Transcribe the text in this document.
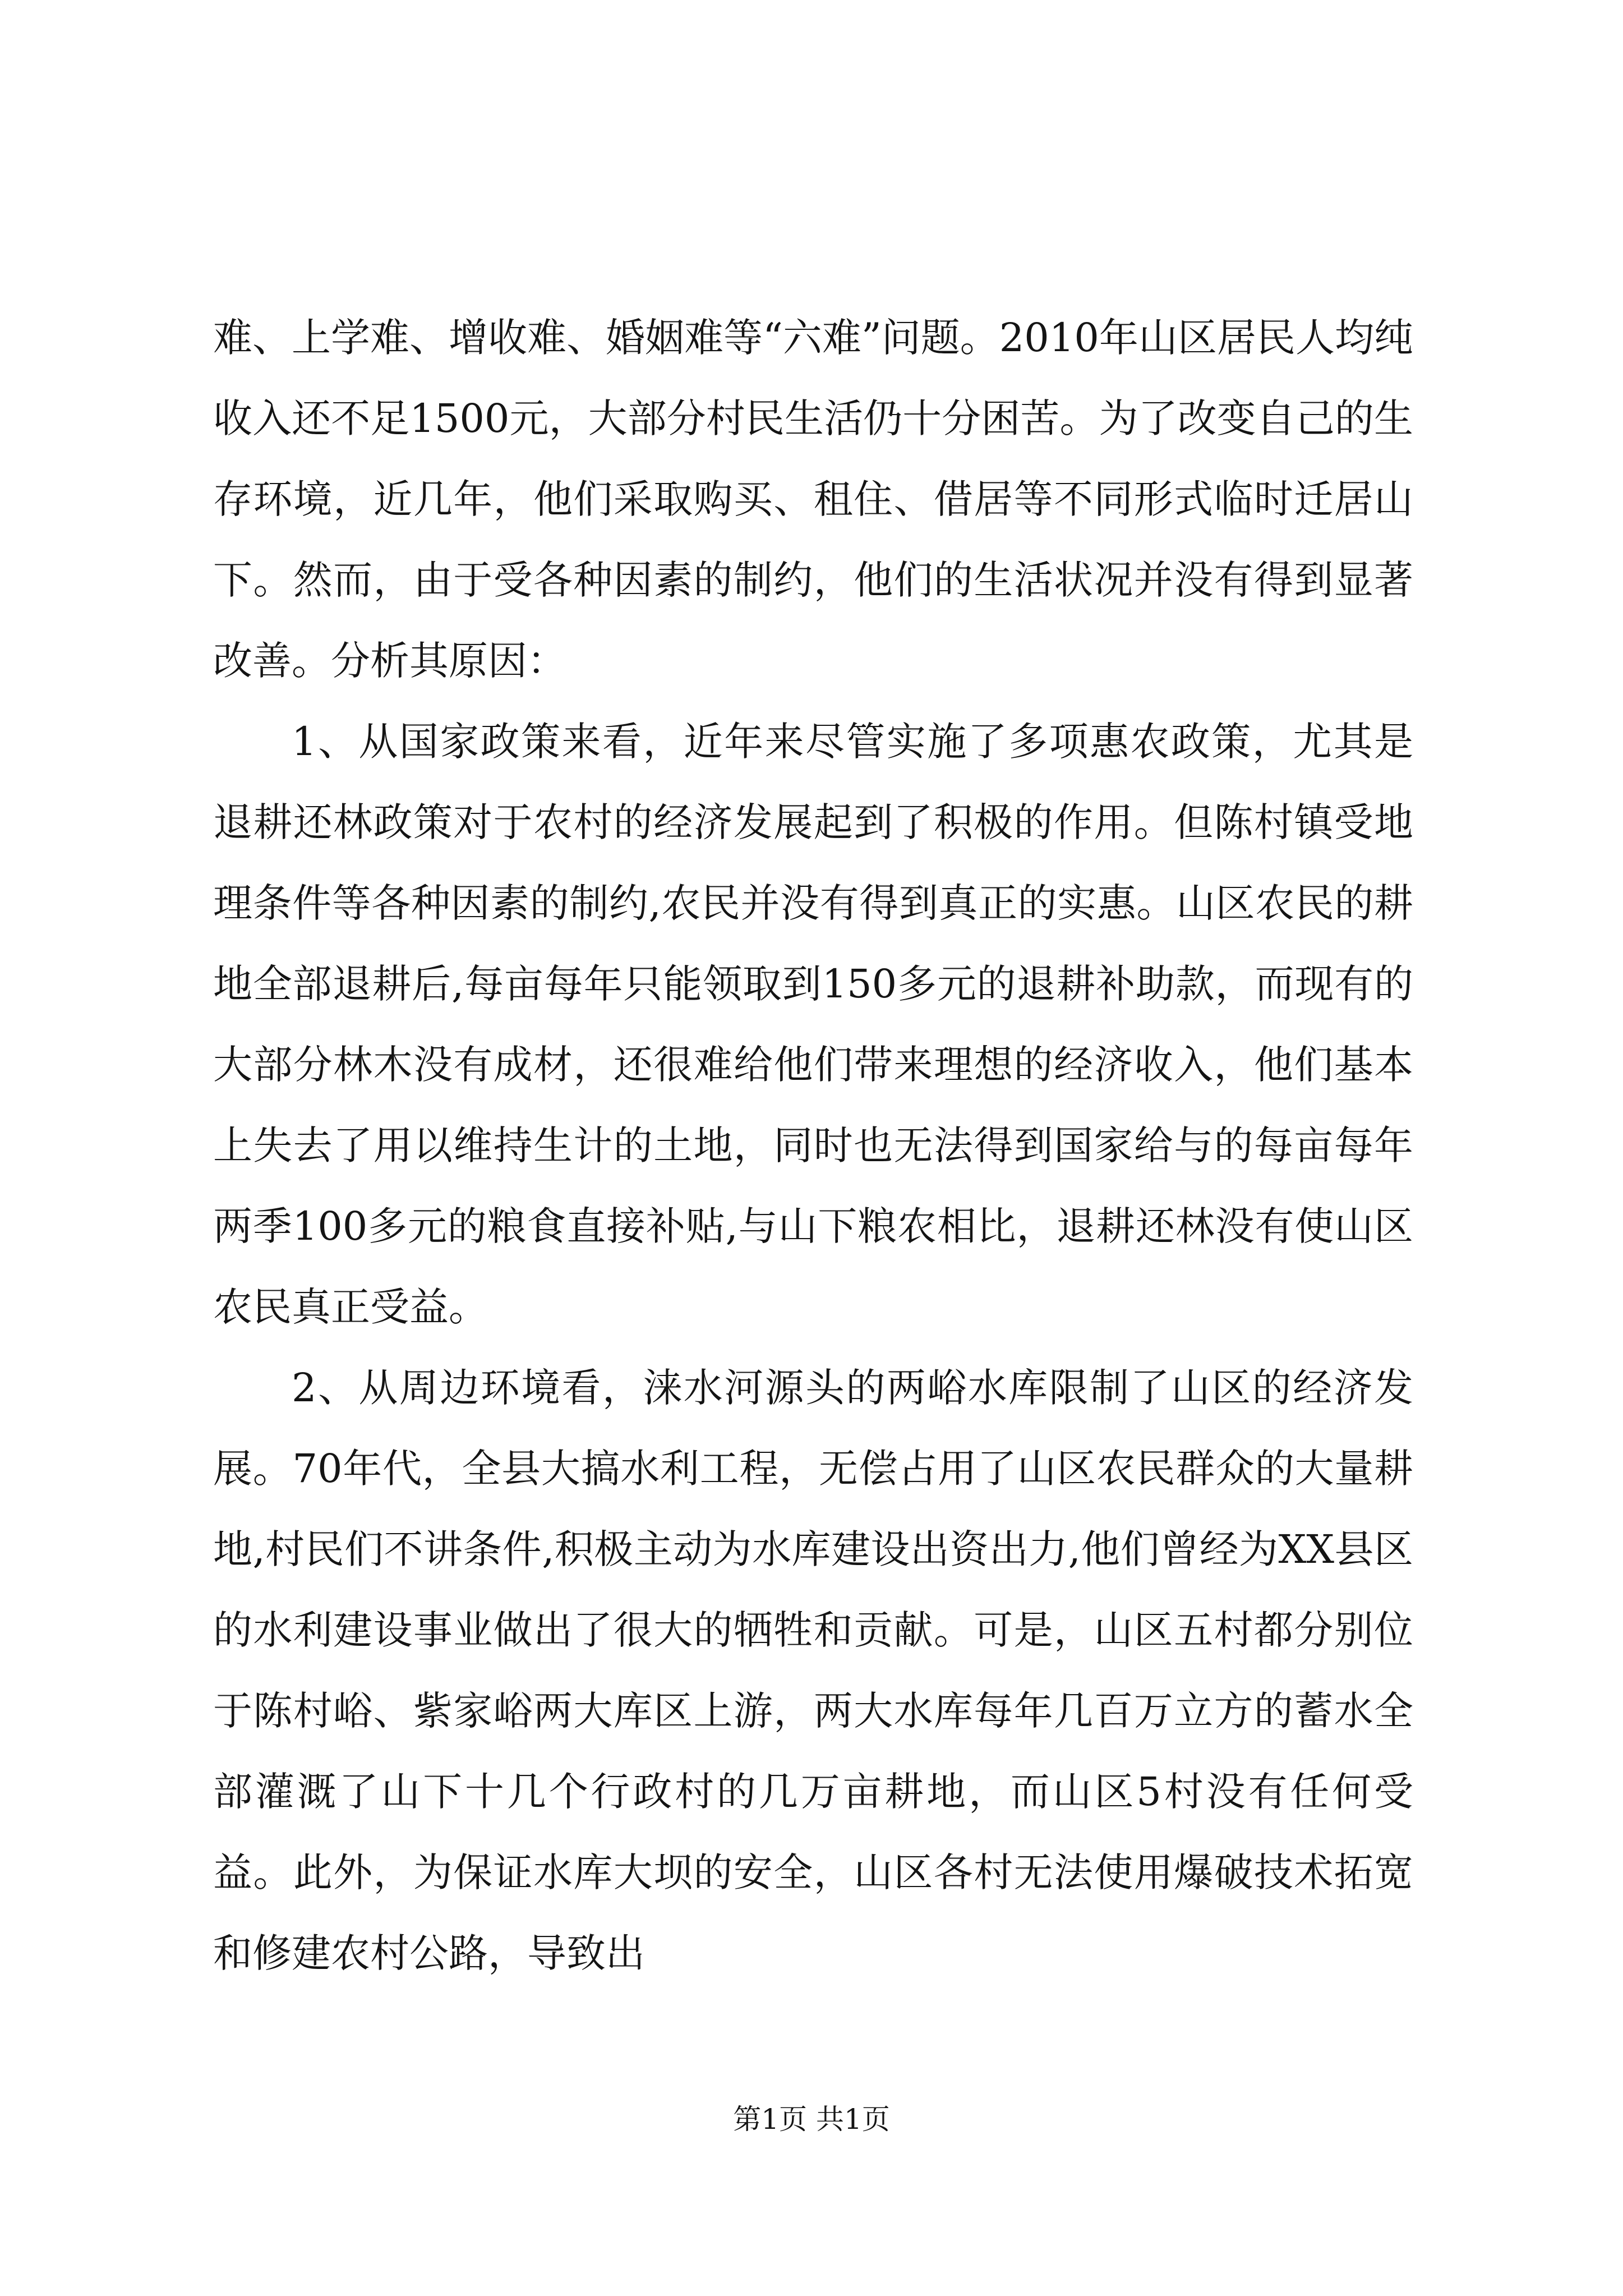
难、上学难、增收难、婚姻难等“六难”问题。2010年山区居民人均纯收入还不足1500元，大部分村民生活仍十分困苦。为了改变自己的生存环境，近几年，他们采取购买、租住、借居等不同形式临时迁居山下。然而，由于受各种因素的制约，他们的生活状况并没有得到显著改善。分析其原因：

1、从国家政策来看，近年来尽管实施了多项惠农政策，尤其是退耕还林政策对于农村的经济发展起到了积极的作用。但陈村镇受地理条件等各种因素的制约,农民并没有得到真正的实惠。山区农民的耕地全部退耕后,每亩每年只能领取到150多元的退耕补助款，而现有的大部分林木没有成材，还很难给他们带来理想的经济收入，他们基本上失去了用以维持生计的土地，同时也无法得到国家给与的每亩每年两季100多元的粮食直接补贴,与山下粮农相比，退耕还林没有使山区农民真正受益。

2、从周边环境看，涞水河源头的两峪水库限制了山区的经济发展。70年代，全县大搞水利工程，无偿占用了山区农民群众的大量耕地,村民们不讲条件,积极主动为水库建设出资出力,他们曾经为XX县区的水利建设事业做出了很大的牺牲和贡献。可是，山区五村都分别位于陈村峪、紫家峪两大库区上游，两大水库每年几百万立方的蓄水全部灌溉了山下十几个行政村的几万亩耕地，而山区5村没有任何受益。此外，为保证水库大坝的安全，山区各村无法使用爆破技术拓宽和修建农村公路，导致出

第1页 共1页
